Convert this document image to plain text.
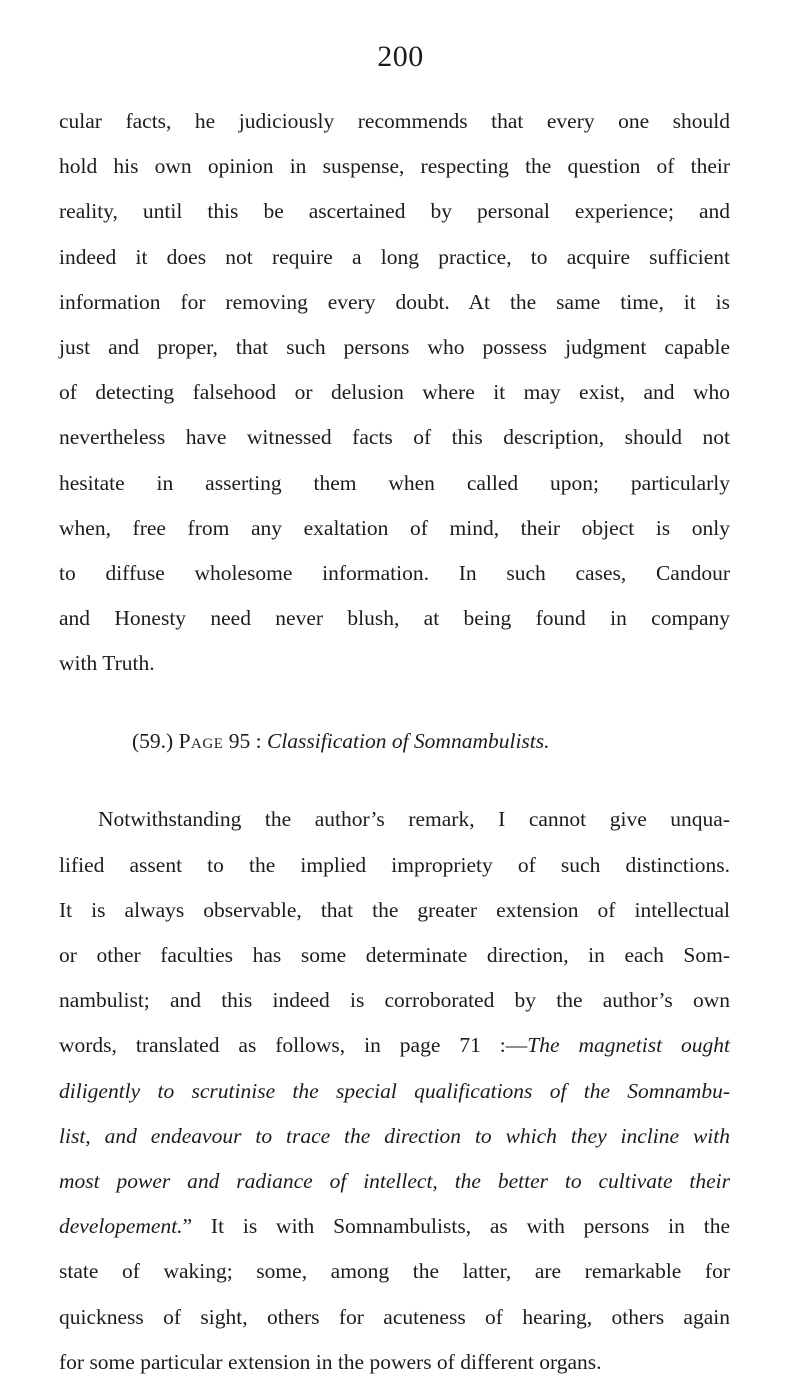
200
cular facts, he judiciously recommends that every one should
hold his own opinion in suspense, respecting the question of their
reality, until this be ascertained by personal experience; and
indeed it does not require a long practice, to acquire sufficient
information for removing every doubt. At the same time, it is
just and proper, that such persons who possess judgment capable
of detecting falsehood or delusion where it may exist, and who
nevertheless have witnessed facts of this description, should not
hesitate in asserting them when called upon; particularly
when, free from any exaltation of mind, their object is only
to diffuse wholesome information. In such cases, Candour
and Honesty need never blush, at being found in company
with Truth.
(59.) Page 95 : Classification of Somnambulists.
Notwithstanding the author’s remark, I cannot give unqua-
lified assent to the implied impropriety of such distinctions.
It is always observable, that the greater extension of intellectual
or other faculties has some determinate direction, in each Som-
nambulist; and this indeed is corroborated by the author’s own
words, translated as follows, in page 71 :—The magnetist ought
diligently to scrutinise the special qualifications of the Somnambu-
list, and endeavour to trace the direction to which they incline with
most power and radiance of intellect, the better to cultivate their
developement.” It is with Somnambulists, as with persons in the
state of waking; some, among the latter, are remarkable for
quickness of sight, others for acuteness of hearing, others again
for some particular extension in the powers of different organs.
